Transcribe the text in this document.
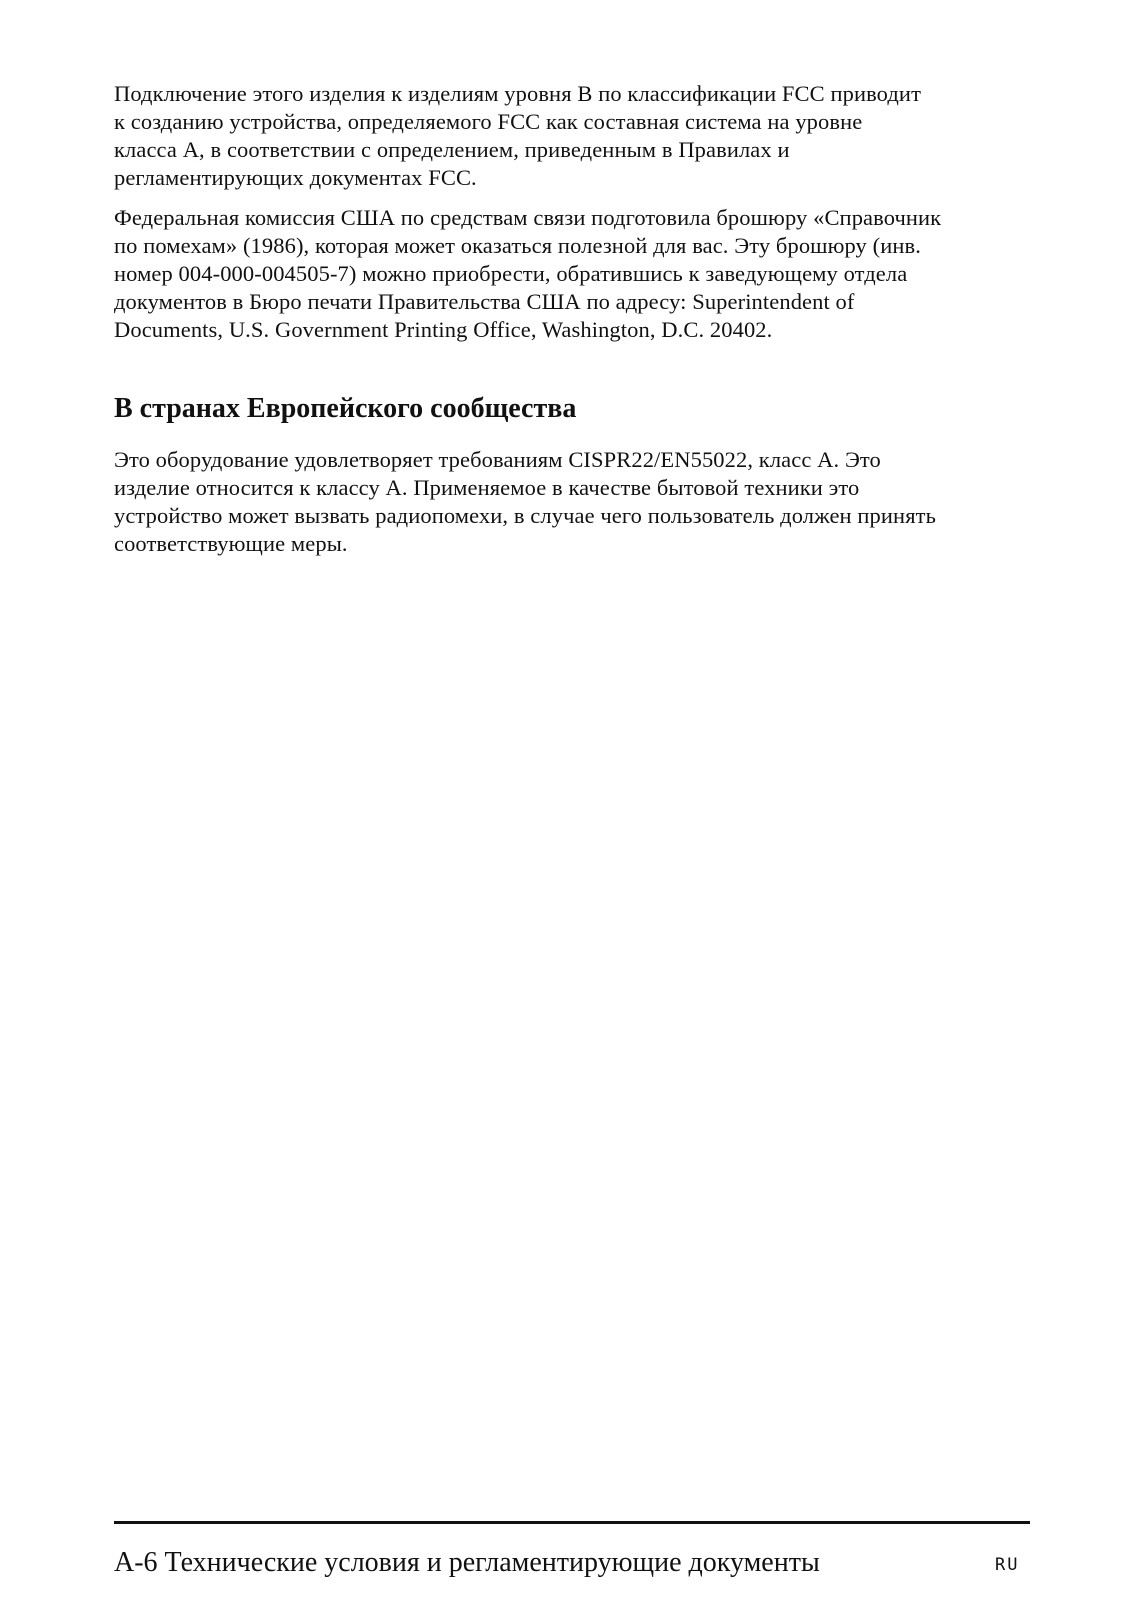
Подключение этого изделия к изделиям уровня B по классификации FCC приводит
к созданию устройства, определяемого FCC как составная система на уровне
класса A, в соответствии с определением, приведенным в Правилах и
регламентирующих документах FCC.

Федеральная комиссия США по средствам связи подготовила брошюру «Справочник
по помехам» (1986), которая может оказаться полезной для вас. Эту брошюру (инв.
номер 004-000-004505-7) можно приобрести, обратившись к заведующему отдела
документов в Бюро печати Правительства США по адресу: Superintendent of
Documents, U.S. Government Printing Office, Washington, D.C. 20402.

В странах Европейского сообщества

Это оборудование удовлетворяет требованиям CISPR22/EN55022, класс A. Это
изделие относится к классу A. Применяемое в качестве бытовой техники это
устройство может вызвать радиопомехи, в случае чего пользователь должен принять
соответствующие меры.

A-6 Технические условия и регламентирующие документы	RU
